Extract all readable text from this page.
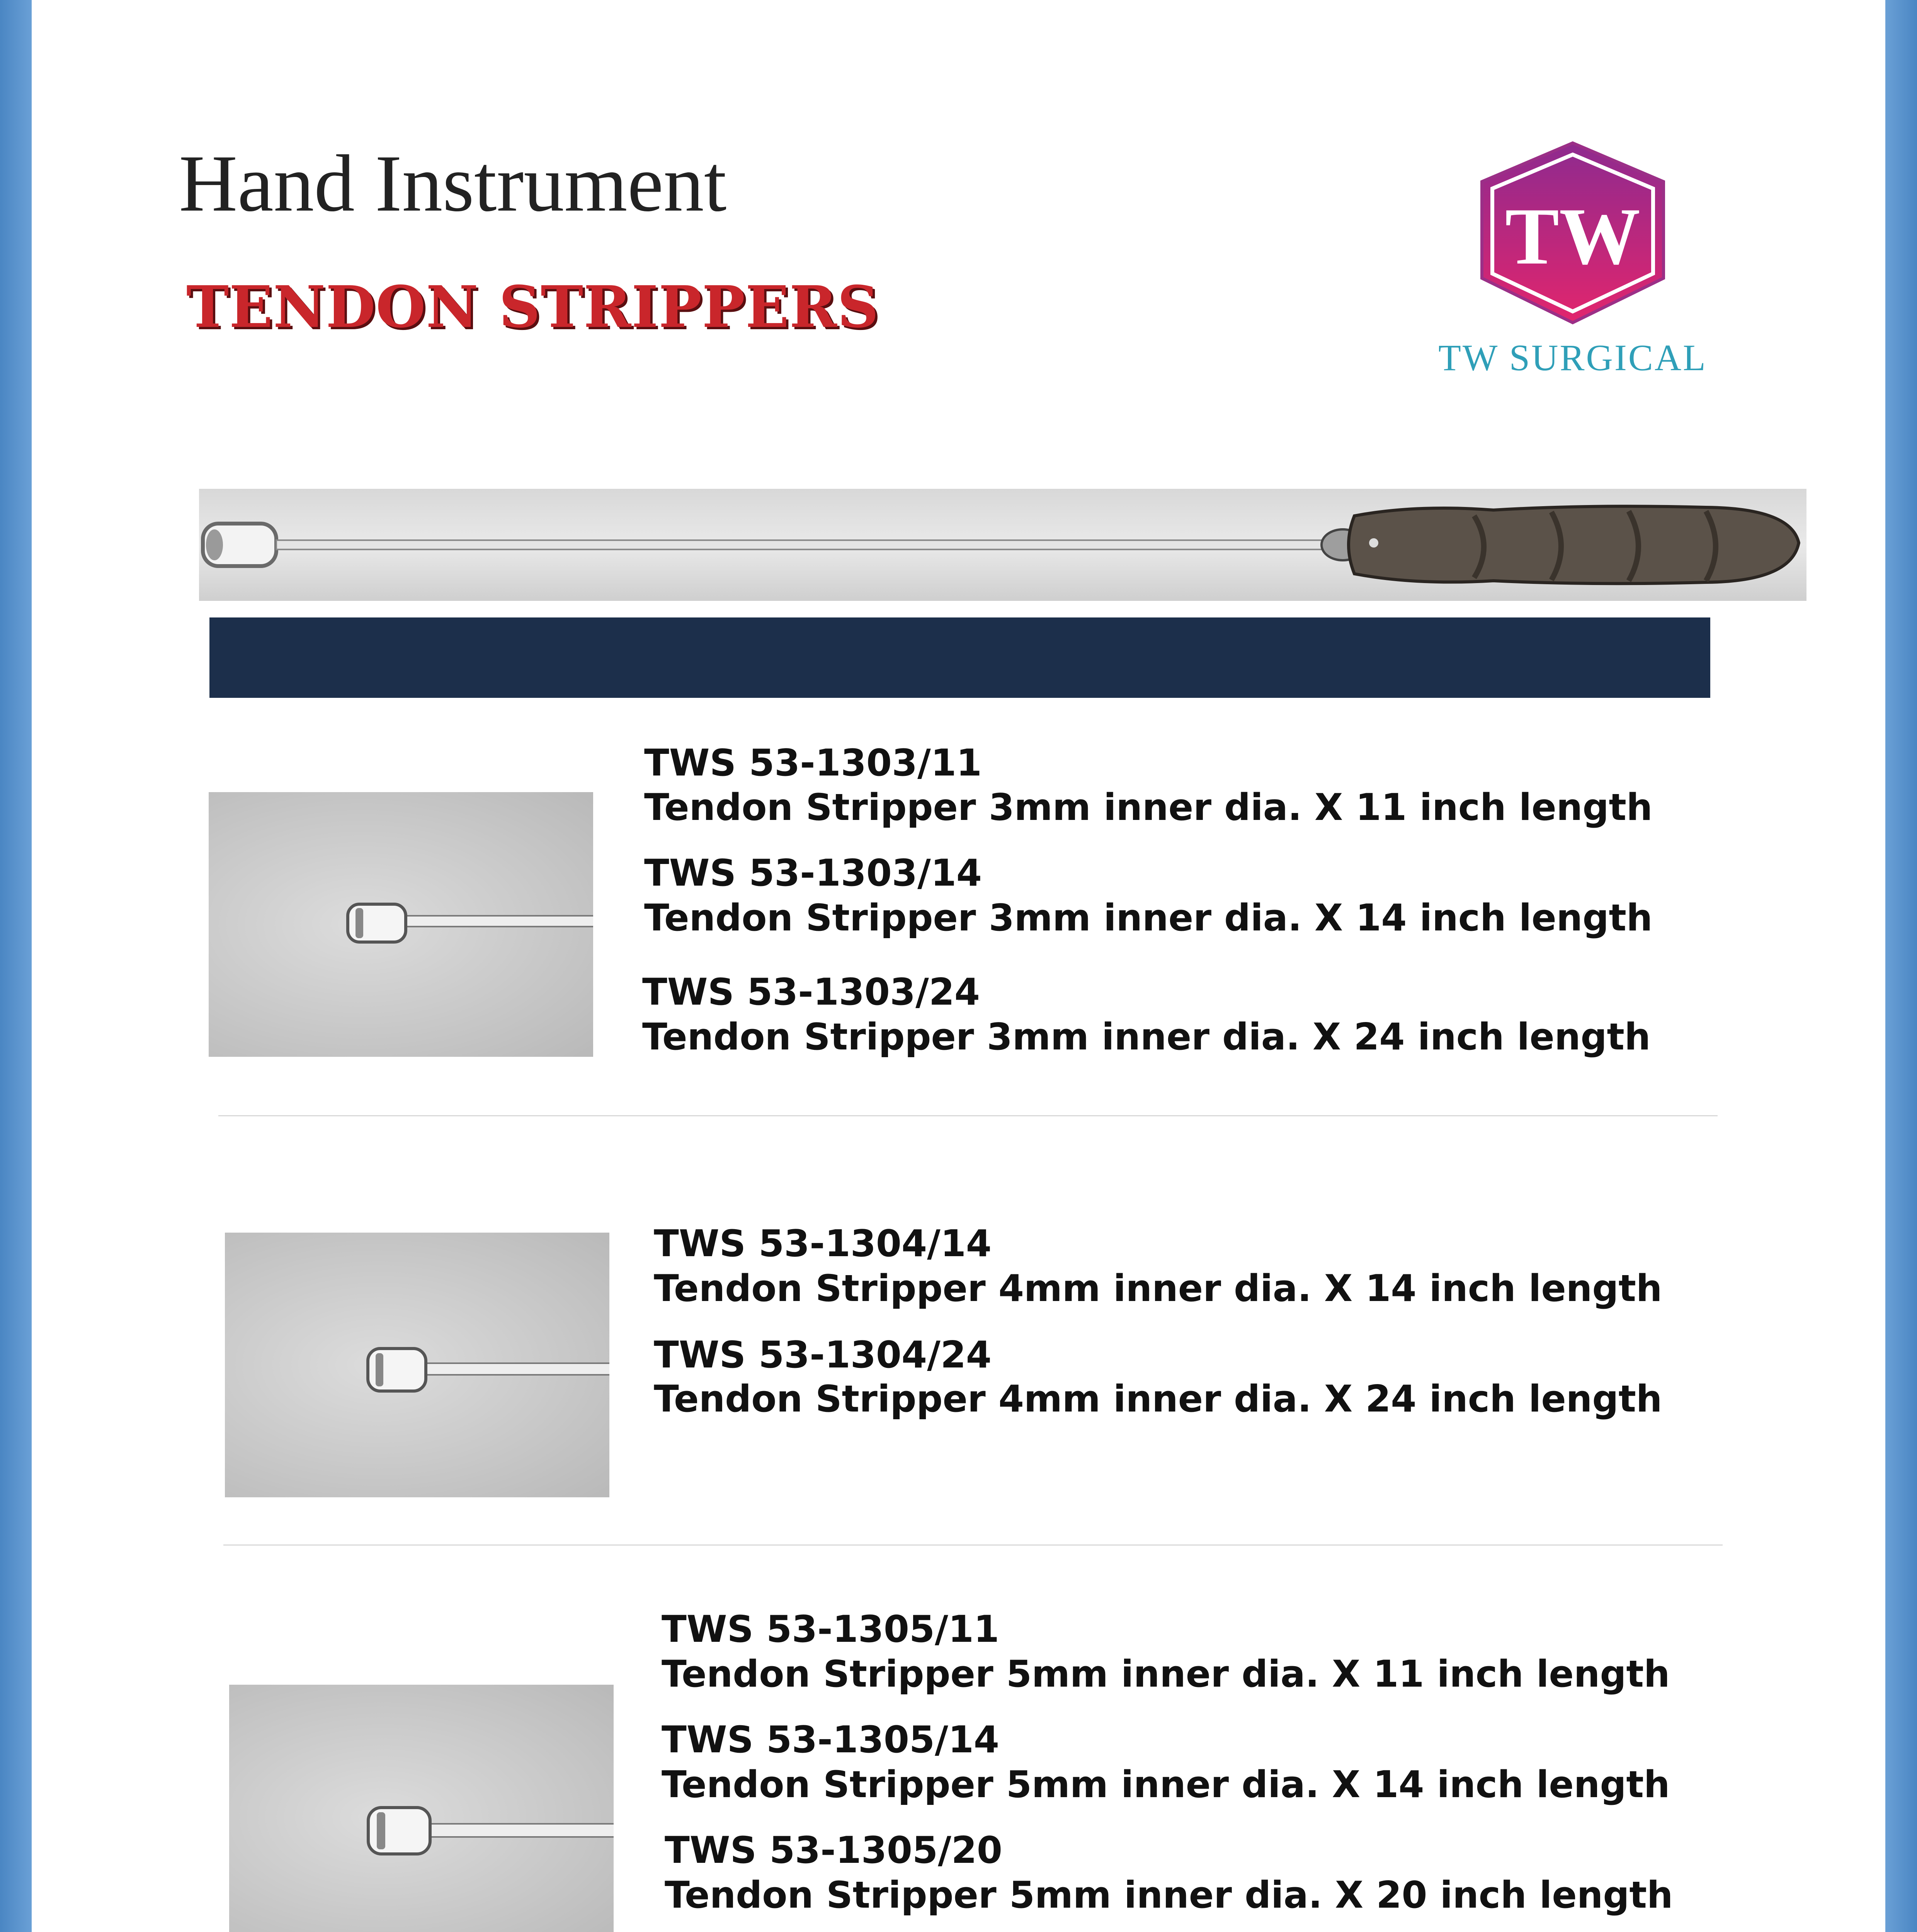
Hand Instrument
TENDON STRIPPERS
TW
TW SURGICAL
TWS 53-1303/11
Tendon Stripper 3mm inner dia. X 11 inch length
TWS 53-1303/14
Tendon Stripper 3mm inner dia. X 14 inch length
TWS 53-1303/24
Tendon Stripper 3mm inner dia. X 24 inch length
TWS 53-1304/14
Tendon Stripper 4mm inner dia. X 14 inch length
TWS 53-1304/24
Tendon Stripper 4mm inner dia. X 24 inch length
TWS 53-1305/11
Tendon Stripper 5mm inner dia. X 11 inch length
TWS 53-1305/14
Tendon Stripper 5mm inner dia. X 14 inch length
TWS 53-1305/20
Tendon Stripper 5mm inner dia. X 20 inch length
